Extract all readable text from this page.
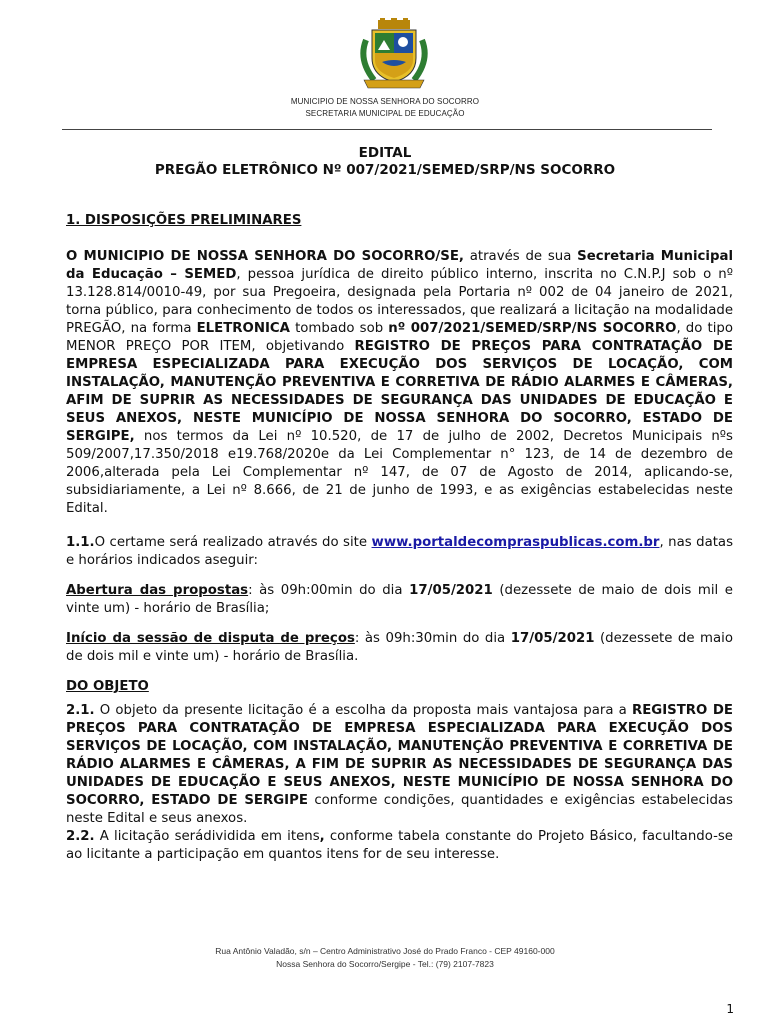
MUNICIPIO DE NOSSA SENHORA DO SOCORRO
SECRETARIA MUNICIPAL DE EDUCAÇÃO
EDITAL
PREGÃO ELETRÔNICO Nº 007/2021/SEMED/SRP/NS SOCORRO

1. DISPOSIÇÕES PRELIMINARES

O MUNICIPIO DE NOSSA SENHORA DO SOCORRO/SE, através de sua Secretaria Municipal da Educação – SEMED, pessoa jurídica de direito público interno, inscrita no C.N.P.J sob o nº 13.128.814/0010-49, por sua Pregoeira, designada pela Portaria nº 002 de 04 janeiro de 2021, torna público, para conhecimento de todos os interessados, que realizará a licitação na modalidade PREGÃO, na forma ELETRONICA tombado sob nº 007/2021/SEMED/SRP/NS SOCORRO, do tipo MENOR PREÇO POR ITEM, objetivando REGISTRO DE PREÇOS PARA CONTRATAÇÃO DE EMPRESA ESPECIALIZADA PARA EXECUÇÃO DOS SERVIÇOS DE LOCAÇÃO, COM INSTALAÇÃO, MANUTENÇÃO PREVENTIVA E CORRETIVA DE RÁDIO ALARMES E CÂMERAS, AFIM DE SUPRIR AS NECESSIDADES DE SEGURANÇA DAS UNIDADES DE EDUCAÇÃO E SEUS ANEXOS, NESTE MUNICÍPIO DE NOSSA SENHORA DO SOCORRO, ESTADO DE SERGIPE, nos termos da Lei nº 10.520, de 17 de julho de 2002, Decretos Municipais nºs 509/2007,17.350/2018 e19.768/2020e da Lei Complementar n° 123, de 14 de dezembro de 2006,alterada pela Lei Complementar nº 147, de 07 de Agosto de 2014, aplicando-se, subsidiariamente, a Lei nº 8.666, de 21 de junho de 1993, e as exigências estabelecidas neste Edital.

1.1.O certame será realizado através do site www.portaldecompraspublicas.com.br, nas datas e horários indicados aseguir:

Abertura das propostas: às 09h:00min do dia 17/05/2021 (dezessete de maio de dois mil e vinte um) - horário de Brasília;

Início da sessão de disputa de preços: às 09h:30min do dia 17/05/2021 (dezessete de maio de dois mil e vinte um) - horário de Brasília.

DO OBJETO

2.1. O objeto da presente licitação é a escolha da proposta mais vantajosa para a REGISTRO DE PREÇOS PARA CONTRATAÇÃO DE EMPRESA ESPECIALIZADA PARA EXECUÇÃO DOS SERVIÇOS DE LOCAÇÃO, COM INSTALAÇÃO, MANUTENÇÃO PREVENTIVA E CORRETIVA DE RÁDIO ALARMES E CÂMERAS, A FIM DE SUPRIR AS NECESSIDADES DE SEGURANÇA DAS UNIDADES DE EDUCAÇÃO E SEUS ANEXOS, NESTE MUNICÍPIO DE NOSSA SENHORA DO SOCORRO, ESTADO DE SERGIPE conforme condições, quantidades e exigências estabelecidas neste Edital e seus anexos.

2.2. A licitação serádividida em itens, conforme tabela constante do Projeto Básico, facultando-se ao licitante a participação em quantos itens for de seu interesse.

Rua Antônio Valadão, s/n – Centro Administrativo José do Prado Franco - CEP 49160-000
Nossa Senhora do Socorro/Sergipe - Tel.: (79) 2107-7823
1
